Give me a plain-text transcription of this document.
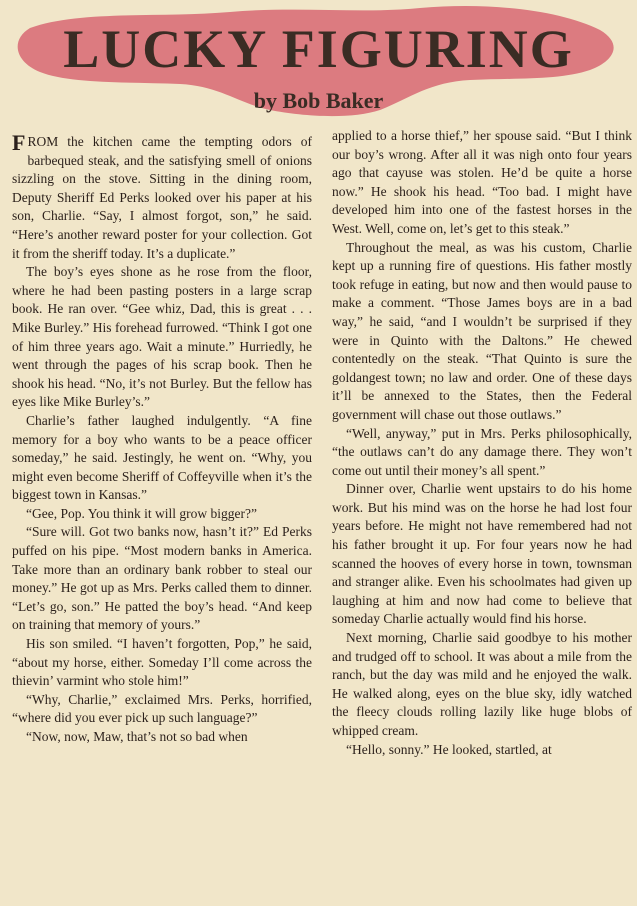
LUCKY FIGURING
by Bob Baker

FROM the kitchen came the tempting odors of barbequed steak, and the satisfying smell of onions sizzling on the stove. Sitting in the dining room, Deputy Sheriff Ed Perks looked over his paper at his son, Charlie. “Say, I almost forgot, son,” he said. “Here’s another reward poster for your collection. Got it from the sheriff today. It’s a duplicate.”

The boy’s eyes shone as he rose from the floor, where he had been pasting posters in a large scrap book. He ran over. “Gee whiz, Dad, this is great . . . Mike Burley.” His forehead furrowed. “Think I got one of him three years ago. Wait a minute.” Hurriedly, he went through the pages of his scrap book. Then he shook his head. “No, it’s not Burley. But the fellow has eyes like Mike Burley’s.”

Charlie’s father laughed indulgently. “A fine memory for a boy who wants to be a peace officer someday,” he said. Jestingly, he went on. “Why, you might even become Sheriff of Coffeyville when it’s the biggest town in Kansas.”

“Gee, Pop. You think it will grow bigger?”

“Sure will. Got two banks now, hasn’t it?” Ed Perks puffed on his pipe. “Most modern banks in America. Take more than an ordinary bank robber to steal our money.” He got up as Mrs. Perks called them to dinner. “Let’s go, son.” He patted the boy’s head. “And keep on training that memory of yours.”

His son smiled. “I haven’t forgotten, Pop,” he said, “about my horse, either. Someday I’ll come across the thievin’ varmint who stole him!”

“Why, Charlie,” exclaimed Mrs. Perks, horrified, “where did you ever pick up such language?”

“Now, now, Maw, that’s not so bad when

applied to a horse thief,” her spouse said. “But I think our boy’s wrong. After all it was nigh onto four years ago that cayuse was stolen. He’d be quite a horse now.” He shook his head. “Too bad. I might have developed him into one of the fastest horses in the West. Well, come on, let’s get to this steak.”

Throughout the meal, as was his custom, Charlie kept up a running fire of questions. His father mostly took refuge in eating, but now and then would pause to make a comment. “Those James boys are in a bad way,” he said, “and I wouldn’t be surprised if they were in Quinto with the Daltons.” He chewed contentedly on the steak. “That Quinto is sure the goldangest town; no law and order. One of these days it’ll be annexed to the States, then the Federal government will chase out those outlaws.”

“Well, anyway,” put in Mrs. Perks philosophically, “the outlaws can’t do any damage there. They won’t come out until their money’s all spent.”

Dinner over, Charlie went upstairs to do his home work. But his mind was on the horse he had lost four years before. He might not have remembered had not his father brought it up. For four years now he had scanned the hooves of every horse in town, townsman and stranger alike. Even his schoolmates had given up laughing at him and now had come to believe that someday Charlie actually would find his horse.

Next morning, Charlie said goodbye to his mother and trudged off to school. It was about a mile from the ranch, but the day was mild and he enjoyed the walk. He walked along, eyes on the blue sky, idly watched the fleecy clouds rolling lazily like huge blobs of whipped cream.

“Hello, sonny.” He looked, startled, at
